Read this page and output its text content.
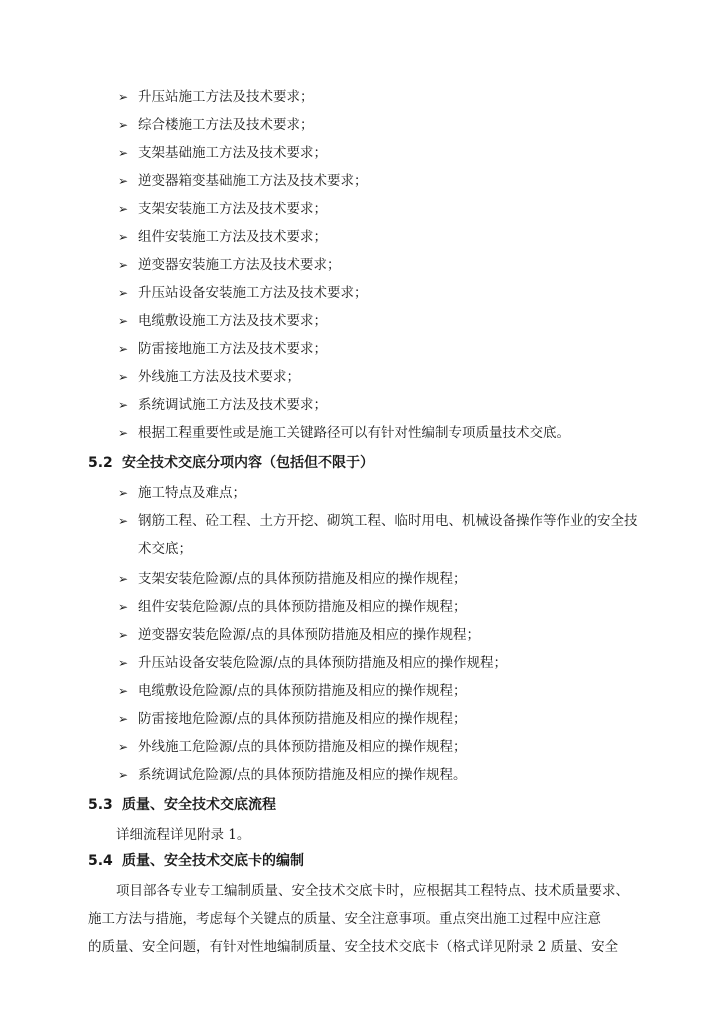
➢ 升压站施工方法及技术要求；
➢ 综合楼施工方法及技术要求；
➢ 支架基础施工方法及技术要求；
➢ 逆变器箱变基础施工方法及技术要求；
➢ 支架安装施工方法及技术要求；
➢ 组件安装施工方法及技术要求；
➢ 逆变器安装施工方法及技术要求；
➢ 升压站设备安装施工方法及技术要求；
➢ 电缆敷设施工方法及技术要求；
➢ 防雷接地施工方法及技术要求；
➢ 外线施工方法及技术要求；
➢ 系统调试施工方法及技术要求；
➢ 根据工程重要性或是施工关键路径可以有针对性编制专项质量技术交底。
5.2 安全技术交底分项内容（包括但不限于）
➢ 施工特点及难点；
➢ 钢筋工程、砼工程、土方开挖、砌筑工程、临时用电、机械设备操作等作业的安全技
术交底；
➢ 支架安装危险源/点的具体预防措施及相应的操作规程；
➢ 组件安装危险源/点的具体预防措施及相应的操作规程；
➢ 逆变器安装危险源/点的具体预防措施及相应的操作规程；
➢ 升压站设备安装危险源/点的具体预防措施及相应的操作规程；
➢ 电缆敷设危险源/点的具体预防措施及相应的操作规程；
➢ 防雷接地危险源/点的具体预防措施及相应的操作规程；
➢ 外线施工危险源/点的具体预防措施及相应的操作规程；
➢ 系统调试危险源/点的具体预防措施及相应的操作规程。
5.3 质量、安全技术交底流程
详细流程详见附录 1。
5.4 质量、安全技术交底卡的编制
项目部各专业专工编制质量、安全技术交底卡时，应根据其工程特点、技术质量要求、
施工方法与措施，考虑每个关键点的质量、安全注意事项。重点突出施工过程中应注意
的质量、安全问题，有针对性地编制质量、安全技术交底卡（格式详见附录 2 质量、安全
